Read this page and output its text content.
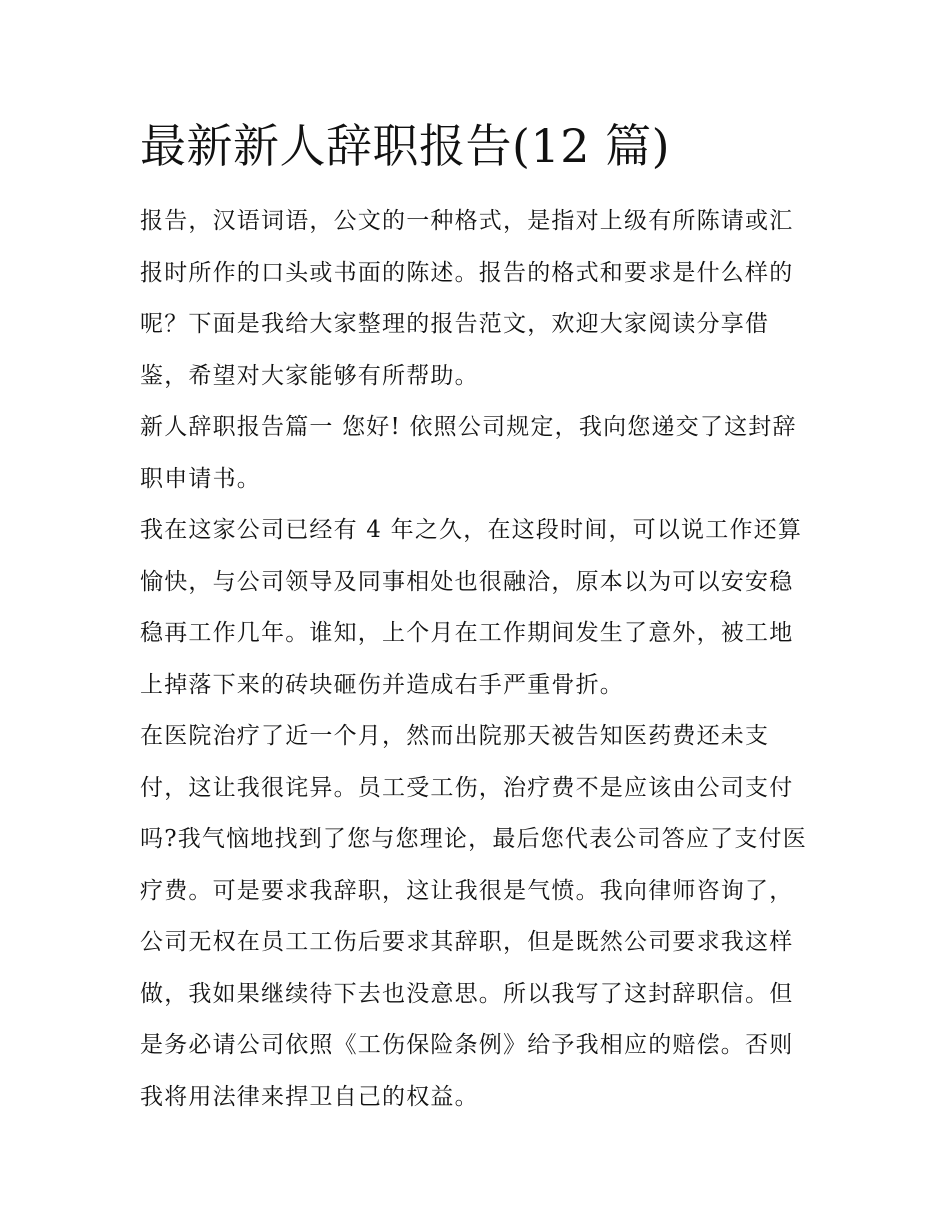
最新新人辞职报告(12 篇)

报告，汉语词语，公文的一种格式，是指对上级有所陈请或汇报时所作的口头或书面的陈述。报告的格式和要求是什么样的呢？下面是我给大家整理的报告范文，欢迎大家阅读分享借鉴，希望对大家能够有所帮助。

新人辞职报告篇一 您好! 依照公司规定，我向您递交了这封辞职申请书。

我在这家公司已经有 4 年之久，在这段时间，可以说工作还算愉快，与公司领导及同事相处也很融洽，原本以为可以安安稳稳再工作几年。谁知，上个月在工作期间发生了意外，被工地上掉落下来的砖块砸伤并造成右手严重骨折。

在医院治疗了近一个月，然而出院那天被告知医药费还未支付，这让我很诧异。员工受工伤，治疗费不是应该由公司支付吗?我气恼地找到了您与您理论，最后您代表公司答应了支付医疗费。可是要求我辞职，这让我很是气愤。我向律师咨询了，公司无权在员工工伤后要求其辞职，但是既然公司要求我这样做，我如果继续待下去也没意思。所以我写了这封辞职信。但是务必请公司依照《工伤保险条例》给予我相应的赔偿。否则我将用法律来捍卫自己的权益。
